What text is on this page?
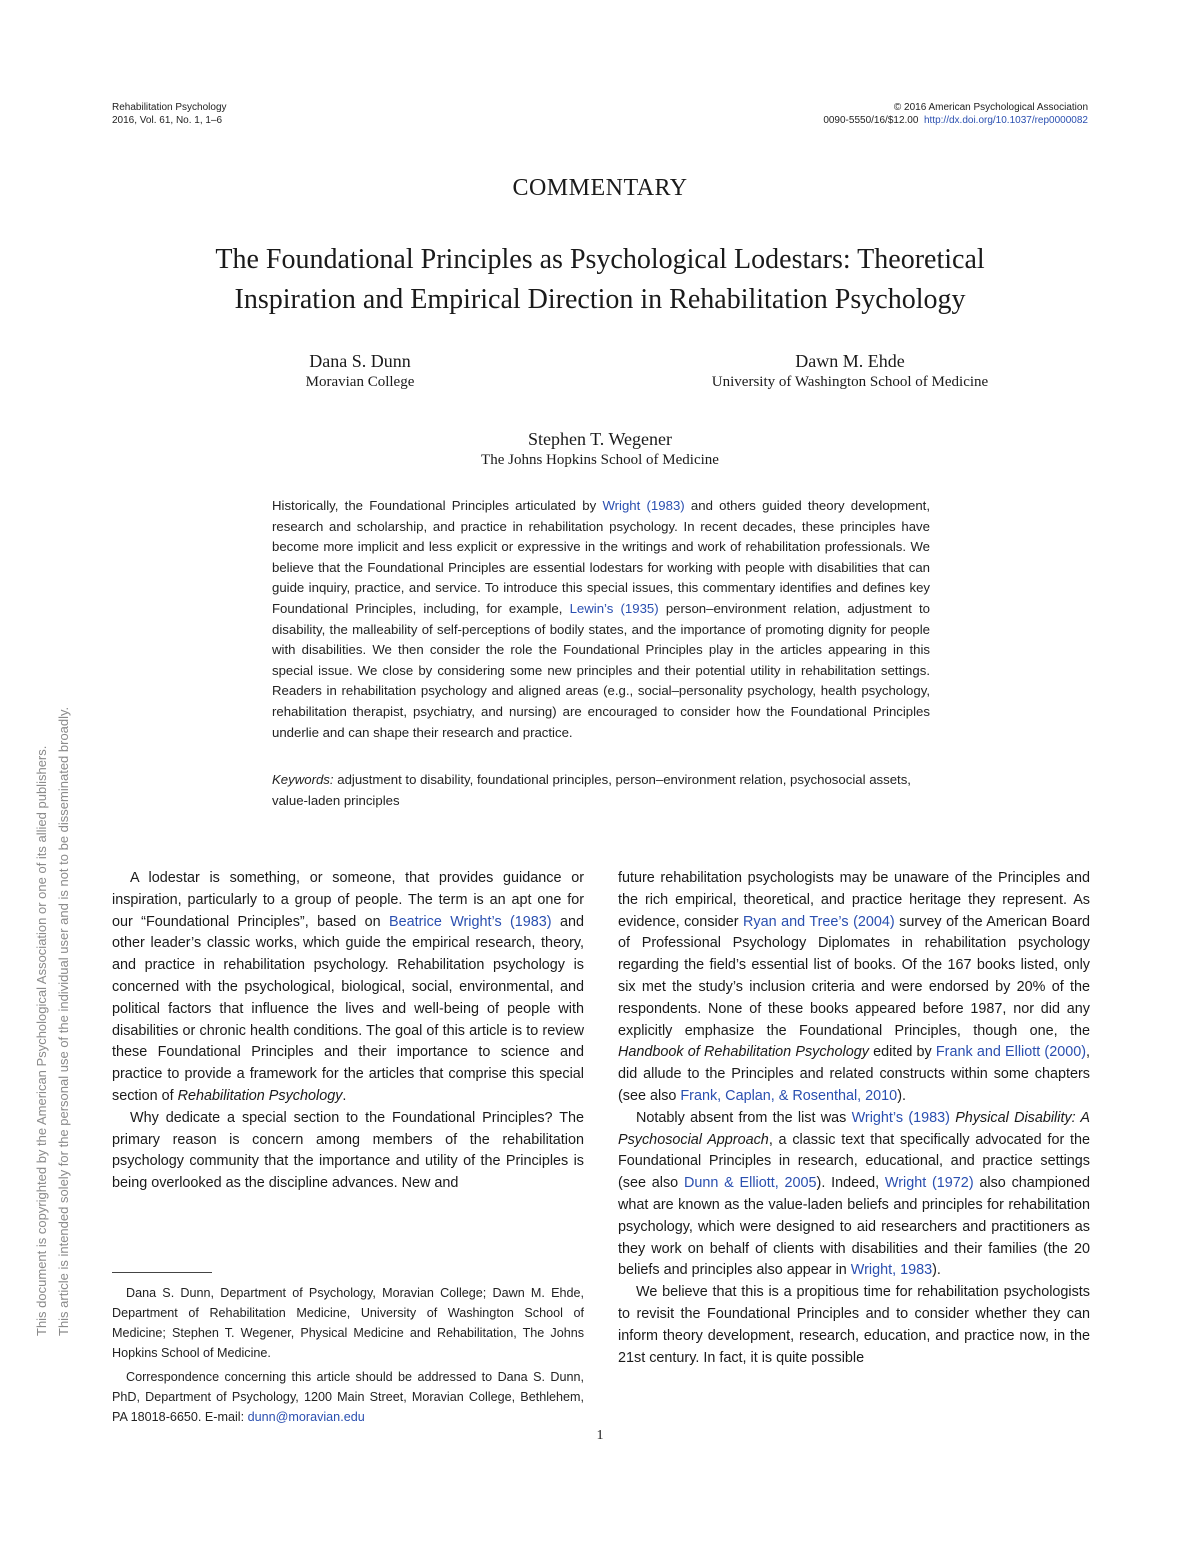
Rehabilitation Psychology
2016, Vol. 61, No. 1, 1–6
© 2016 American Psychological Association
0090-5550/16/$12.00 http://dx.doi.org/10.1037/rep0000082
COMMENTARY
The Foundational Principles as Psychological Lodestars: Theoretical
Inspiration and Empirical Direction in Rehabilitation Psychology
Dana S. Dunn
Moravian College
Dawn M. Ehde
University of Washington School of Medicine
Stephen T. Wegener
The Johns Hopkins School of Medicine
Historically, the Foundational Principles articulated by Wright (1983) and others guided theory development, research and scholarship, and practice in rehabilitation psychology. In recent decades, these principles have become more implicit and less explicit or expressive in the writings and work of rehabilitation professionals. We believe that the Foundational Principles are essential lodestars for working with people with disabilities that can guide inquiry, practice, and service. To introduce this special issues, this commentary identifies and defines key Foundational Principles, including, for example, Lewin’s (1935) person–environment relation, adjustment to disability, the malleability of self-perceptions of bodily states, and the importance of promoting dignity for people with disabilities. We then consider the role the Foundational Principles play in the articles appearing in this special issue. We close by considering some new principles and their potential utility in rehabilitation settings. Readers in rehabilitation psychology and aligned areas (e.g., social–personality psychology, health psychology, rehabilitation therapist, psychiatry, and nursing) are encouraged to consider how the Foundational Principles underlie and can shape their research and practice.
Keywords: adjustment to disability, foundational principles, person–environment relation, psychosocial assets, value-laden principles

A lodestar is something, or someone, that provides guidance or inspiration, particularly to a group of people. The term is an apt one for our “Foundational Principles”, based on Beatrice Wright’s (1983) and other leader’s classic works, which guide the empirical research, theory, and practice in rehabilitation psychology. Rehabilitation psychology is concerned with the psychological, biological, social, environmental, and political factors that influence the lives and well-being of people with disabilities or chronic health conditions. The goal of this article is to review these Foundational Principles and their importance to science and practice to provide a framework for the articles that comprise this special section of Rehabilitation Psychology.

Why dedicate a special section to the Foundational Principles? The primary reason is concern among members of the rehabilitation psychology community that the importance and utility of the Principles is being overlooked as the discipline advances. New and

future rehabilitation psychologists may be unaware of the Principles and the rich empirical, theoretical, and practice heritage they represent. As evidence, consider Ryan and Tree’s (2004) survey of the American Board of Professional Psychology Diplomates in rehabilitation psychology regarding the field’s essential list of books. Of the 167 books listed, only six met the study’s inclusion criteria and were endorsed by 20% of the respondents. None of these books appeared before 1987, nor did any explicitly emphasize the Foundational Principles, though one, the Handbook of Rehabilitation Psychology edited by Frank and Elliott (2000), did allude to the Principles and related constructs within some chapters (see also Frank, Caplan, & Rosenthal, 2010).

Notably absent from the list was Wright’s (1983) Physical Disability: A Psychosocial Approach, a classic text that specifically advocated for the Foundational Principles in research, educational, and practice settings (see also Dunn & Elliott, 2005). Indeed, Wright (1972) also championed what are known as the value-laden beliefs and principles for rehabilitation psychology, which were designed to aid researchers and practitioners as they work on behalf of clients with disabilities and their families (the 20 beliefs and principles also appear in Wright, 1983).

We believe that this is a propitious time for rehabilitation psychologists to revisit the Foundational Principles and to consider whether they can inform theory development, research, education, and practice now, in the 21st century. In fact, it is quite possible

Dana S. Dunn, Department of Psychology, Moravian College; Dawn M. Ehde, Department of Rehabilitation Medicine, University of Washington School of Medicine; Stephen T. Wegener, Physical Medicine and Rehabilitation, The Johns Hopkins School of Medicine.

Correspondence concerning this article should be addressed to Dana S. Dunn, PhD, Department of Psychology, 1200 Main Street, Moravian College, Bethlehem, PA 18018-6650. E-mail: dunn@moravian.edu

1
This document is copyrighted by the American Psychological Association or one of its allied publishers. This article is intended solely for the personal use of the individual user and is not to be disseminated broadly.
